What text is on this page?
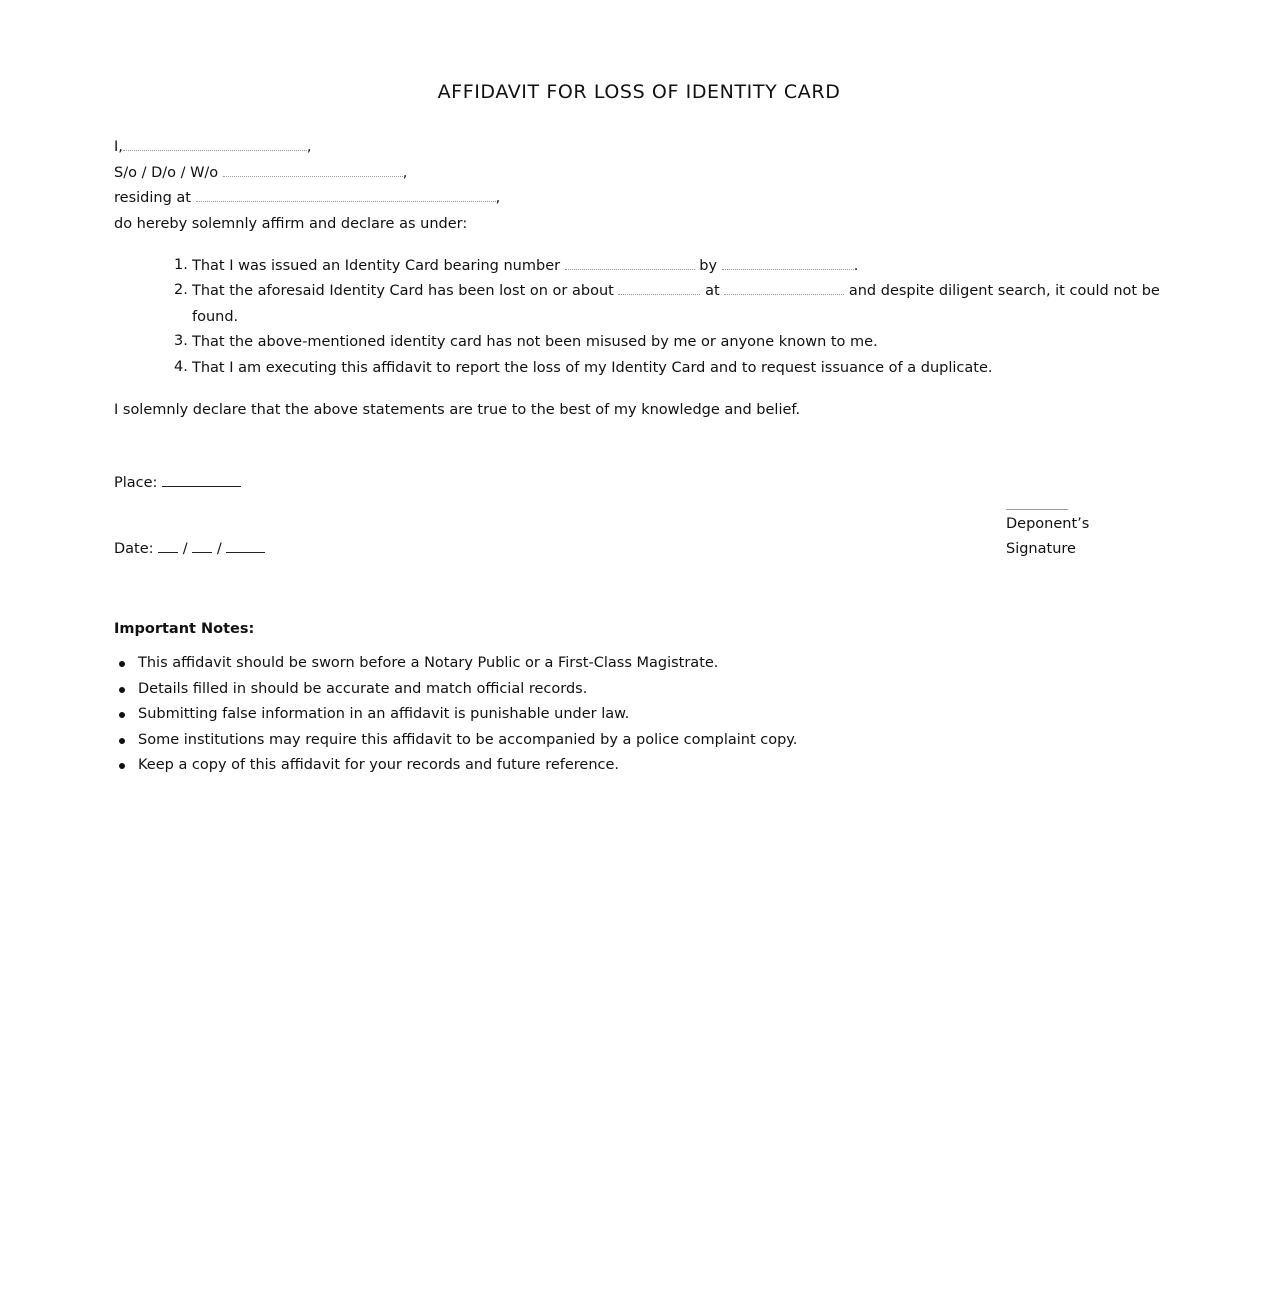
AFFIDAVIT FOR LOSS OF IDENTITY CARD
I,	,
S/o / D/o / W/o	,
residing at	,
do hereby solemnly affirm and declare as under:
1. That I was issued an Identity Card bearing number	by	.
2. That the aforesaid Identity Card has been lost on or about	at	and despite diligent search, it could not be
found.
3. That the above-mentioned identity card has not been misused by me or anyone known to me.
4. That I am executing this affidavit to report the loss of my Identity Card and to request issuance of a duplicate.
I solemnly declare that the above statements are true to the best of my knowledge and belief.
Place:
Date: / /
Deponent’s
Signature
Important Notes:
This affidavit should be sworn before a Notary Public or a First-Class Magistrate.
Details filled in should be accurate and match official records.
Submitting false information in an affidavit is punishable under law.
Some institutions may require this affidavit to be accompanied by a police complaint copy.
Keep a copy of this affidavit for your records and future reference.
